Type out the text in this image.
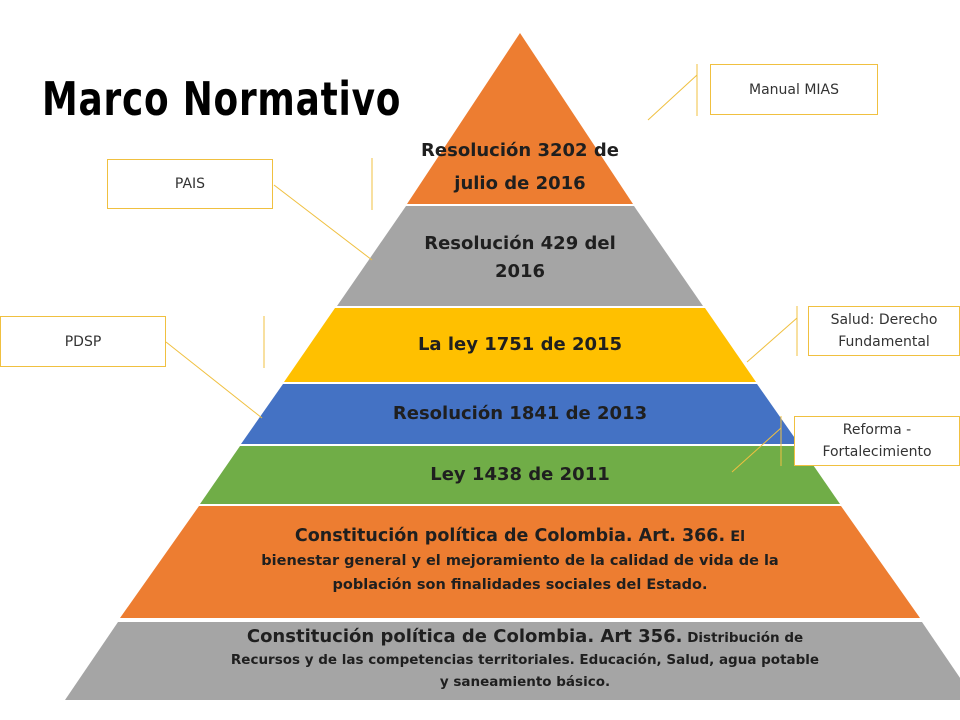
Marco Normativo
Resolución 3202 de
julio de 2016
Resolución 429 del
2016
La ley 1751 de 2015
Resolución 1841 de 2013
Ley 1438 de 2011
Constitución política de Colombia. Art. 366. El bienestar general y el mejoramiento de la calidad de vida de la población son finalidades sociales del Estado.
Constitución política de Colombia. Art 356. Distribución de Recursos y de las competencias territoriales. Educación, Salud, agua potable y saneamiento básico.
Manual MIAS
PAIS
PDSP
Salud: Derecho
Fundamental
Reforma -
Fortalecimiento
